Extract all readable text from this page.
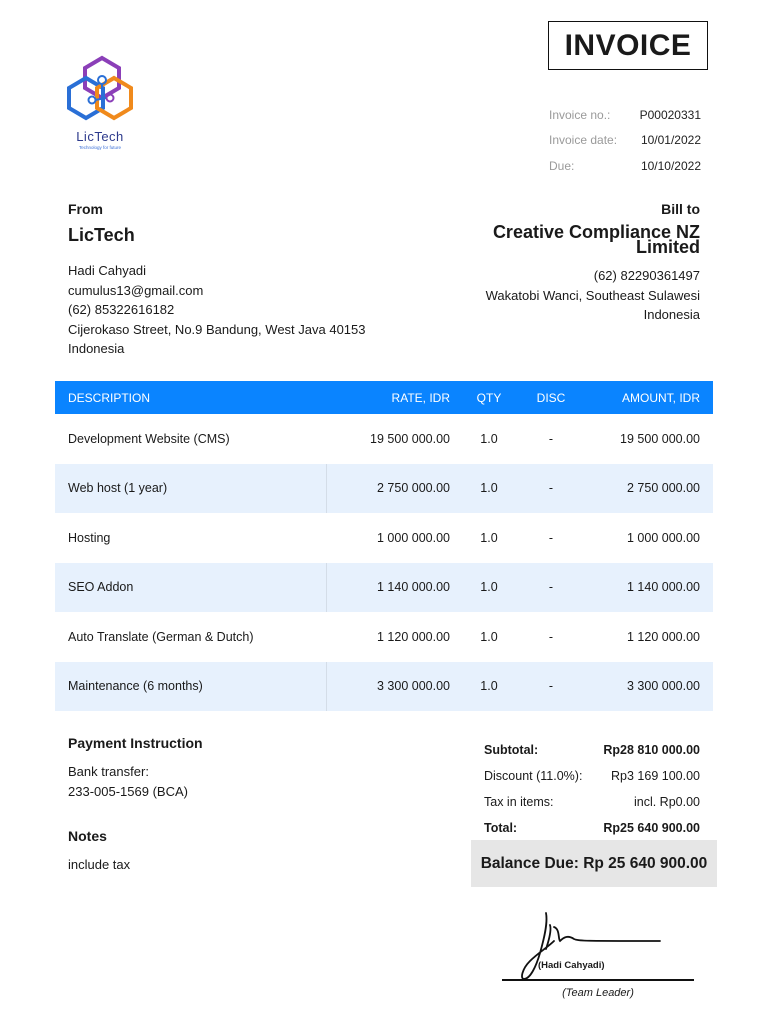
INVOICE
LicTech
Technology for future
Invoice no.: P00020331
Invoice date: 10/01/2022
Due:	10/10/2022
From
LicTech
Hadi Cahyadi
cumulus13@gmail.com
(62) 85322616182
Cijerokaso Street, No.9 Bandung, West Java 40153
Indonesia
Bill to
Creative Compliance NZ
Limited
(62) 82290361497
Wakatobi Wanci, Southeast Sulawesi
Indonesia
DESCRIPTION	RATE, IDR	QTY	DISC	AMOUNT, IDR
Development Website (CMS)	19 500 000.00	1.0	-	19 500 000.00
Web host (1 year)	2 750 000.00	1.0	-	2 750 000.00
Hosting	1 000 000.00	1.0	-	1 000 000.00
SEO Addon	1 140 000.00	1.0	-	1 140 000.00
Auto Translate (German & Dutch)	1 120 000.00	1.0	-	1 120 000.00
Maintenance (6 months)	3 300 000.00	1.0	-	3 300 000.00
Payment Instruction
Bank transfer:
233-005-1569 (BCA)
Notes
include tax
Subtotal:	Rp28 810 000.00
Discount (11.0%): Rp3 169 100.00
Tax in items:	incl. Rp0.00
Total:	Rp25 640 900.00
Balance Due: Rp 25 640 900.00
(Hadi Cahyadi)
(Team Leader)
